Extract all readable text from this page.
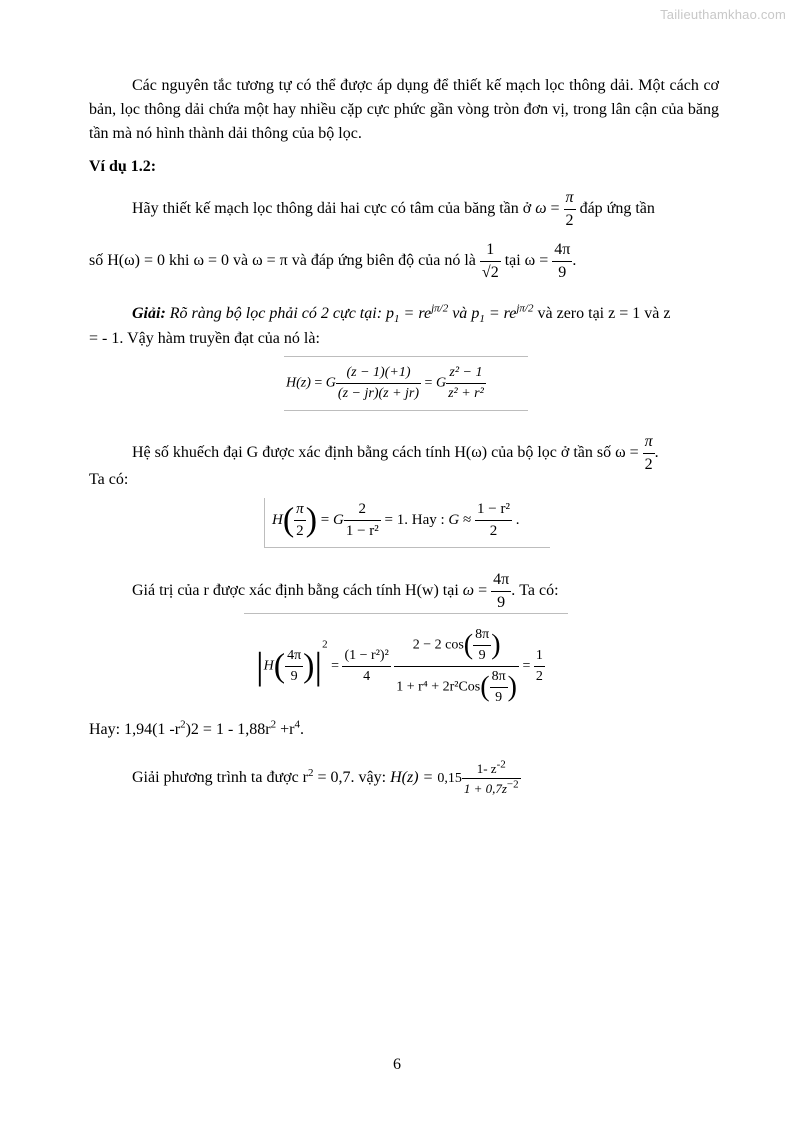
Tailieuthamkhao.com
Các nguyên tắc tương tự có thể được áp dụng để thiết kế mạch lọc thông dải. Một cách cơ bản, lọc thông dải chứa một hay nhiều cặp cực phức gần vòng tròn đơn vị, trong lân cận của băng tần mà nó hình thành dải thông của bộ lọc.
Ví dụ 1.2:
Hãy thiết kế mạch lọc thông dải hai cực có tâm của băng tần ở $\omega = \frac{\pi}{2}$ đáp ứng tần
số H(ω) = 0 khi ω = 0 và ω = π và đáp ứng biên độ của nó là $\frac{1}{√2}$ tại $\omega = \frac{4\pi}{9}$ .
Giải: Rõ ràng bộ lọc phải có 2 cực tại: $p_1 = re^{j\pi/2}$ và $p_1 = re^{j\pi/2}$ và zero tại z = 1 và z
= - 1. Vậy hàm truyền đạt của nó là:
H(z) = G $\frac{(z - 1)(+1)}{(z - jr)(z + jr)} = G \frac{\text{z² − 1}}{\text{z² + r²}}$
Hệ số khuếch đại G được xác định bằng cách tính H(ω) của bộ lọc ở tần số $\omega = \frac{\pi}{2}$ .
Ta có:
$H( \frac{\pi}{2}$ ) = G $\frac{2}{\text{1 − r²}} = 1$. Hay : $G \approx \frac{\text{1 − r²}}{2}$ .
Giá trị của r được xác định bằng cách tính H(w) tại $\omega = \frac{4\pi}{9}$ . Ta có:
$|H( \frac{4\pi}{9} )|^2 = \frac{\text{(1 − r²)²}}{4}$
$\frac{2 - 2 \cos( \frac{8\pi}{9} )}{1 + r^4 + 2r^2Cos( \frac{8\pi}{9} )} = \frac{1}{2}$
Hay: 1,94(1 $-r^2)2 = 1 - 1,88r^2 +r^4$.
Giải phương trình ta được $r^2 = 0,7$. vậy: $H(z) = 0,15 \frac{1- z^{-2}}{1 + 0,7z^{-2}}$
6
